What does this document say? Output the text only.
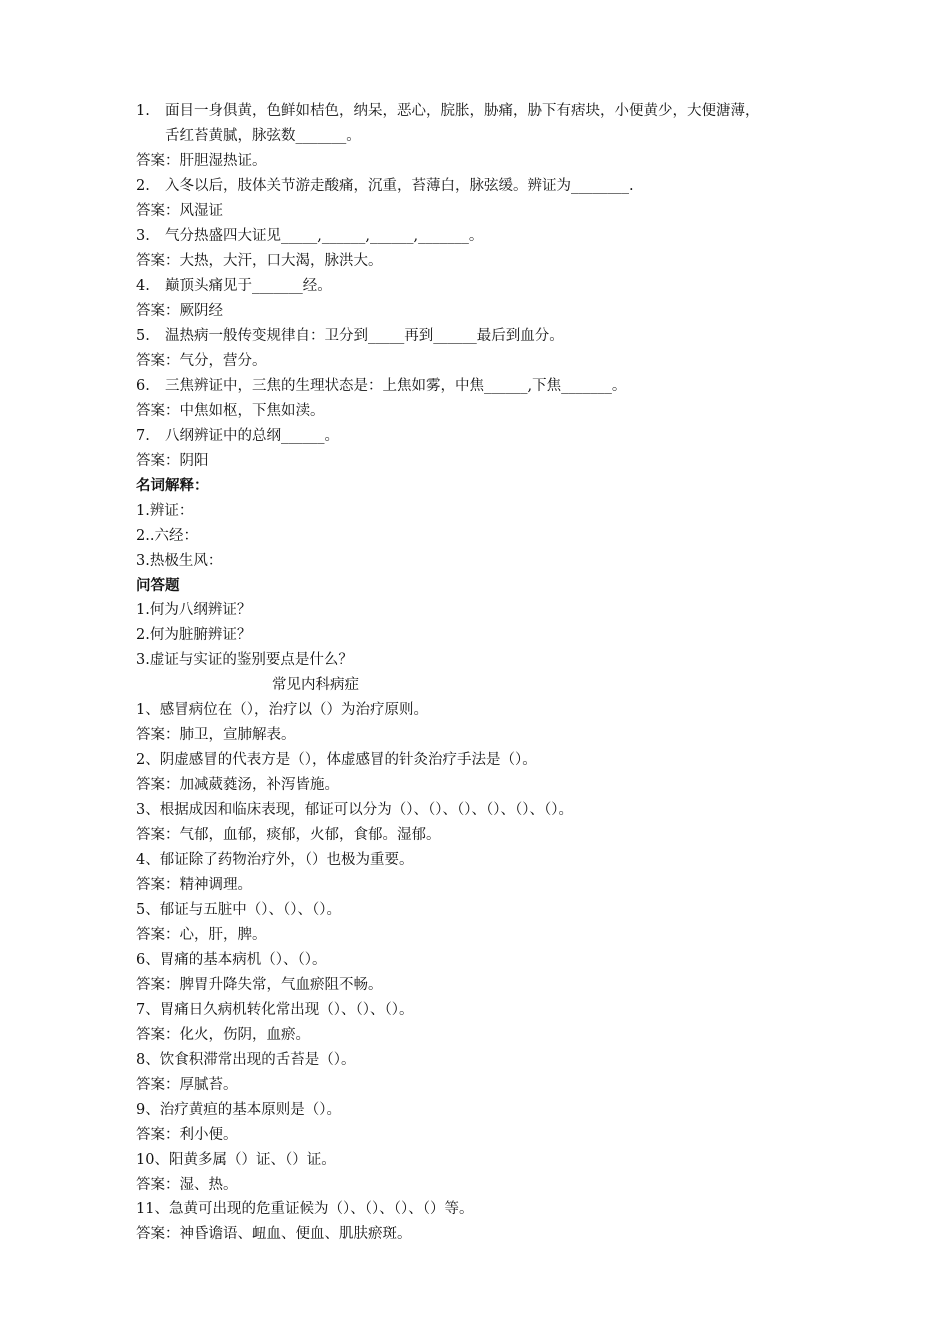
1. 面目一身俱黄，色鲜如桔色，纳呆，恶心，脘胀，胁痛，胁下有痞块，小便黄少，大便溏薄，
舌红苔黄腻，脉弦数_______。
答案：肝胆湿热证。
2. 入冬以后，肢体关节游走酸痛，沉重，苔薄白，脉弦缓。辨证为________.
答案：风湿证
3. 气分热盛四大证见_____,______,______,_______。
答案：大热，大汗，口大渴，脉洪大。
4. 巅顶头痛见于_______经。
答案：厥阴经
5. 温热病一般传变规律自：卫分到_____再到______最后到血分。
答案：气分，营分。
6. 三焦辨证中，三焦的生理状态是：上焦如雾，中焦______,下焦_______。
答案：中焦如枢，下焦如渎。
7. 八纲辨证中的总纲______。
答案：阴阳
名词解释：
1.辨证：
2..六经：
3.热极生风：
问答题
1.何为八纲辨证？
2.何为脏腑辨证？
3.虚证与实证的鉴别要点是什么？
常见内科病症
1、感冒病位在（），治疗以（）为治疗原则。
答案：肺卫，宣肺解表。
2、阴虚感冒的代表方是（），体虚感冒的针灸治疗手法是（）。
答案：加减葳蕤汤，补泻皆施。
3、根据成因和临床表现，郁证可以分为（）、（）、（）、（）、（）、（）。
答案：气郁，血郁，痰郁，火郁，食郁。湿郁。
4、郁证除了药物治疗外，（）也极为重要。
答案：精神调理。
5、郁证与五脏中（）、（）、（）。
答案：心，肝，脾。
6、胃痛的基本病机（）、（）。
答案：脾胃升降失常，气血瘀阻不畅。
7、胃痛日久病机转化常出现（）、（）、（）。
答案：化火，伤阴，血瘀。
8、饮食积滞常出现的舌苔是（）。
答案：厚腻苔。
9、治疗黄疸的基本原则是（）。
答案：利小便。
10、阳黄多属（）证、（）证。
答案：湿、热。
11、急黄可出现的危重证候为（）、（）、（）、（）等。
答案：神昏谵语、衄血、便血、肌肤瘀斑。
